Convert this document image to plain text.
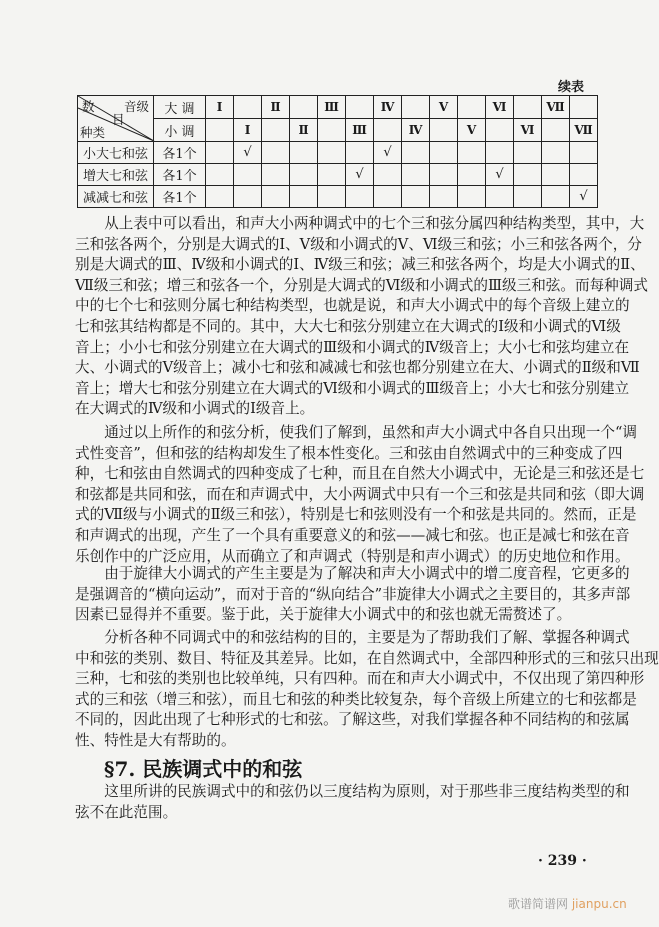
续表
数 音级
目
种类	大 调	Ⅰ		Ⅱ		Ⅲ		Ⅳ		Ⅴ		Ⅵ		Ⅶ	
	小 调		Ⅰ		Ⅱ		Ⅲ		Ⅳ		Ⅴ		Ⅵ		Ⅶ
小大七和弦	各1个		√					√							
增大七和弦	各1个						√					√			
减减七和弦	各1个														√
从上表中可以看出，和声大小两种调式中的七个三和弦分属四种结构类型，其中，大
三和弦各两个，分别是大调式的Ⅰ、Ⅴ级和小调式的Ⅴ、Ⅵ级三和弦；小三和弦各两个，分
别是大调式的Ⅲ、Ⅳ级和小调式的Ⅰ、Ⅳ级三和弦；减三和弦各两个，均是大小调式的Ⅱ、
Ⅶ级三和弦；增三和弦各一个，分别是大调式的Ⅵ级和小调式的Ⅲ级三和弦。而每种调式
中的七个七和弦则分属七种结构类型，也就是说，和声大小调式中的每个音级上建立的
七和弦其结构都是不同的。其中，大大七和弦分别建立在大调式的Ⅰ级和小调式的Ⅵ级
音上；小小七和弦分别建立在大调式的Ⅲ级和小调式的Ⅳ级音上；大小七和弦均建立在
大、小调式的Ⅴ级音上；减小七和弦和减减七和弦也都分别建立在大、小调式的Ⅱ级和Ⅶ
音上；增大七和弦分别建立在大调式的Ⅵ级和小调式的Ⅲ级音上；小大七和弦分别建立
在大调式的Ⅳ级和小调式的Ⅰ级音上。
通过以上所作的和弦分析，使我们了解到，虽然和声大小调式中各自只出现一个“调
式性变音”，但和弦的结构却发生了根本性变化。三和弦由自然调式中的三种变成了四
种，七和弦由自然调式的四种变成了七种，而且在自然大小调式中，无论是三和弦还是七
和弦都是共同和弦，而在和声调式中，大小两调式中只有一个三和弦是共同和弦（即大调
式的Ⅶ级与小调式的Ⅱ级三和弦），特别是七和弦则没有一个和弦是共同的。然而，正是
和声调式的出现，产生了一个具有重要意义的和弦——减七和弦。也正是减七和弦在音
乐创作中的广泛应用，从而确立了和声调式（特别是和声小调式）的历史地位和作用。
由于旋律大小调式的产生主要是为了解决和声大小调式中的增二度音程，它更多的
是强调音的“横向运动”，而对于音的“纵向结合”非旋律大小调式之主要目的，其多声部
因素已显得并不重要。鉴于此，关于旋律大小调式中的和弦也就无需赘述了。
分析各种不同调式中的和弦结构的目的，主要是为了帮助我们了解、掌握各种调式
中和弦的类别、数目、特征及其差异。比如，在自然调式中，全部四种形式的三和弦只出现
三种，七和弦的类别也比较单纯，只有四种。而在和声大小调式中，不仅出现了第四种形
式的三和弦（增三和弦），而且七和弦的种类比较复杂，每个音级上所建立的七和弦都是
不同的，因此出现了七种形式的七和弦。了解这些，对我们掌握各种不同结构的和弦属
性、特性是大有帮助的。
§7. 民族调式中的和弦
这里所讲的民族调式中的和弦仍以三度结构为原则，对于那些非三度结构类型的和
弦不在此范围。
· 239 ·
歌谱简谱网 jianpu.cn
